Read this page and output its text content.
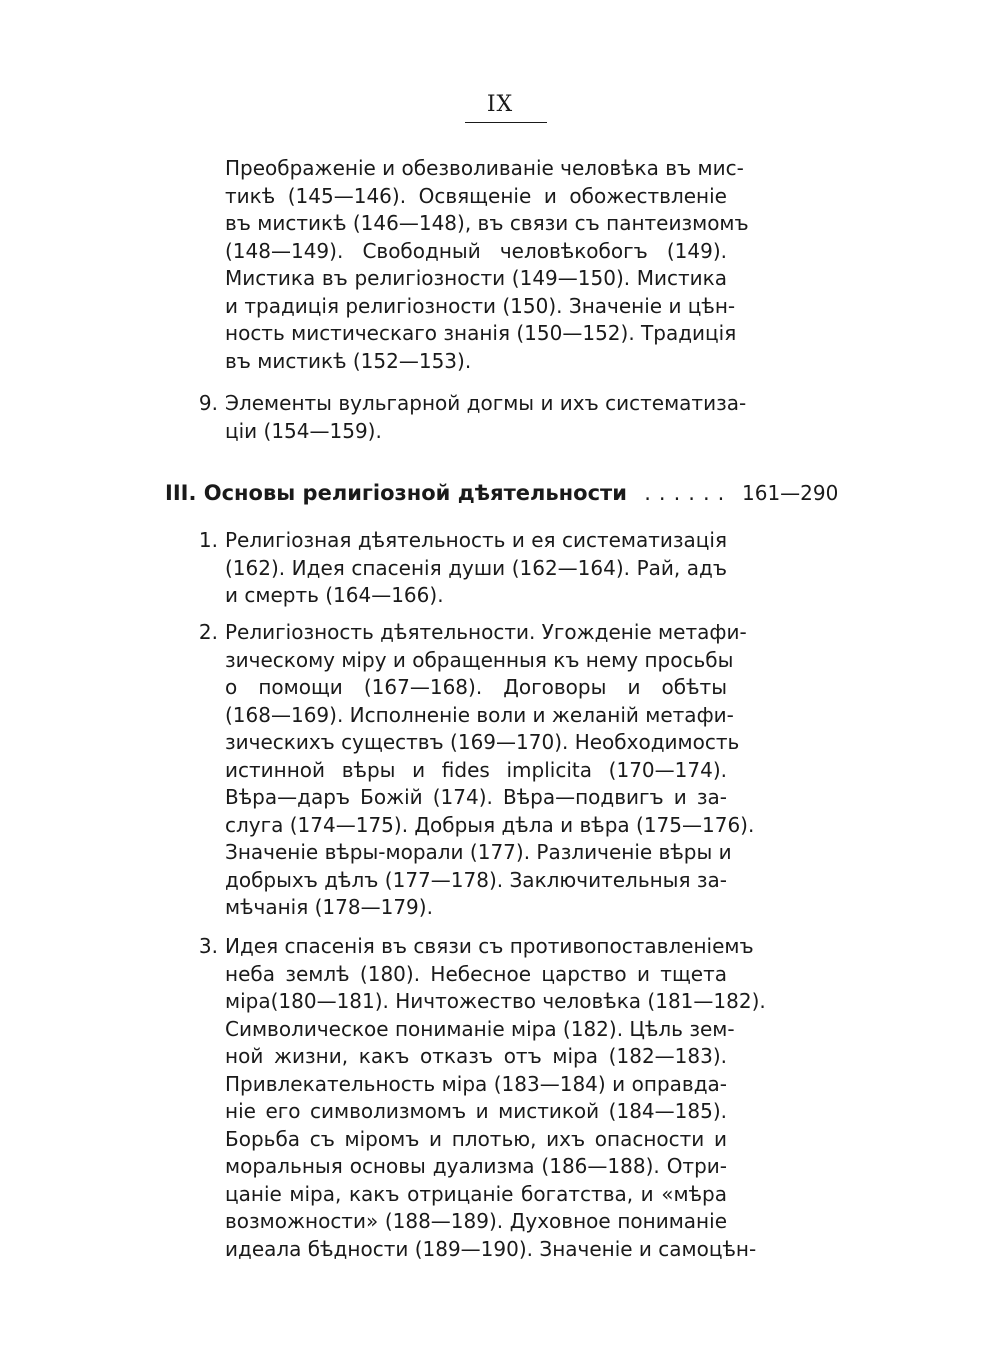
IX
Преображеніе и обезволиваніе человѣка въ мис-
тикѣ (145—146). Освященіе и обожествленіе
въ мистикѣ (146—148), въ связи съ пантеизмомъ
(148—149). Свободный человѣкобогъ (149).
Мистика въ религіозности (149—150). Мистика
и традиція религіозности (150). Значеніе и цѣн-
ность мистическаго знанія (150—152). Традиція
въ мистикѣ (152—153).
9. Элементы вульгарной догмы и ихъ систематиза-
ціи (154—159).
III. Основы религіозной дѣятельности ...... 161—290
1. Религіозная дѣятельность и ея систематизація
(162). Идея спасенія души (162—164). Рай, адъ
и смерть (164—166).
2. Религіозность дѣятельности. Угожденіе метафи-
зическому міру и обращенныя къ нему просьбы
о помощи (167—168). Договоры и обѣты
(168—169). Исполненіе воли и желаній метафи-
зическихъ существъ (169—170). Необходимость
истинной вѣры и fides implicita (170—174).
Вѣра—даръ Божій (174). Вѣра—подвигъ и за-
слуга (174—175). Добрыя дѣла и вѣра (175—176).
Значеніе вѣры-морали (177). Различеніе вѣры и
добрыхъ дѣлъ (177—178). Заключительныя за-
мѣчанія (178—179).
3. Идея спасенія въ связи съ противопоставленіемъ
неба землѣ (180). Небесное царство и тщета
міра(180—181). Ничтожество человѣка (181—182).
Символическое пониманіе міра (182). Цѣль зем-
ной жизни, какъ отказъ отъ міра (182—183).
Привлекательность міра (183—184) и оправда-
ніе его символизмомъ и мистикой (184—185).
Борьба съ міромъ и плотью, ихъ опасности и
моральныя основы дуализма (186—188). Отри-
цаніе міра, какъ отрицаніе богатства, и «мѣра
возможности» (188—189). Духовное пониманіе
идеала бѣдности (189—190). Значеніе и самоцѣн-
